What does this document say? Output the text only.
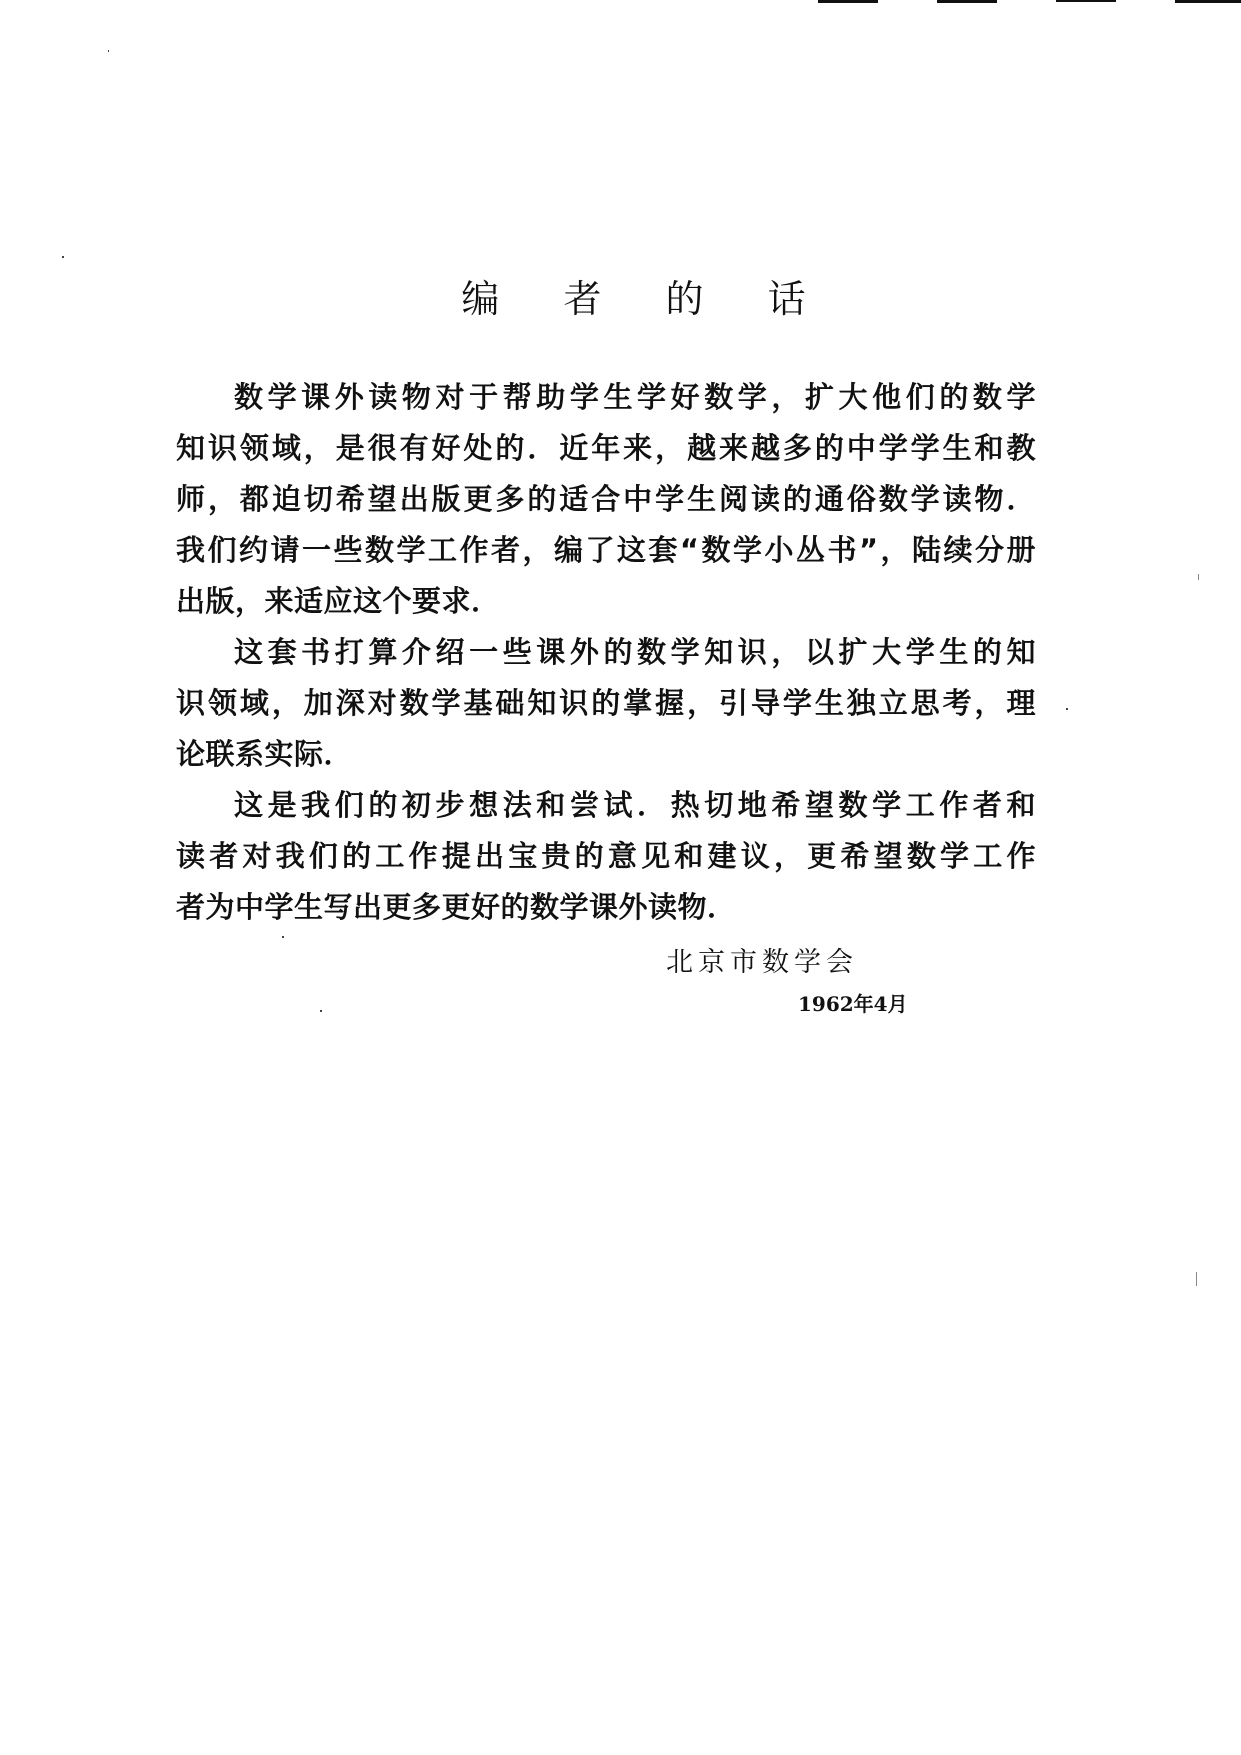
编 者 的 话
数学课外读物对于帮助学生学好数学，扩大他们的数学
知识领域，是很有好处的．近年来，越来越多的中学学生和教
师，都迫切希望出版更多的适合中学生阅读的通俗数学读物．
我们约请一些数学工作者，编了这套“数学小丛书”，陆续分册
出版，来适应这个要求．
这套书打算介绍一些课外的数学知识，以扩大学生的知
识领域，加深对数学基础知识的掌握，引导学生独立思考，理
论联系实际．
这是我们的初步想法和尝试．热切地希望数学工作者和
读者对我们的工作提出宝贵的意见和建议，更希望数学工作
者为中学生写出更多更好的数学课外读物．
北京市数学会
1962年4月
